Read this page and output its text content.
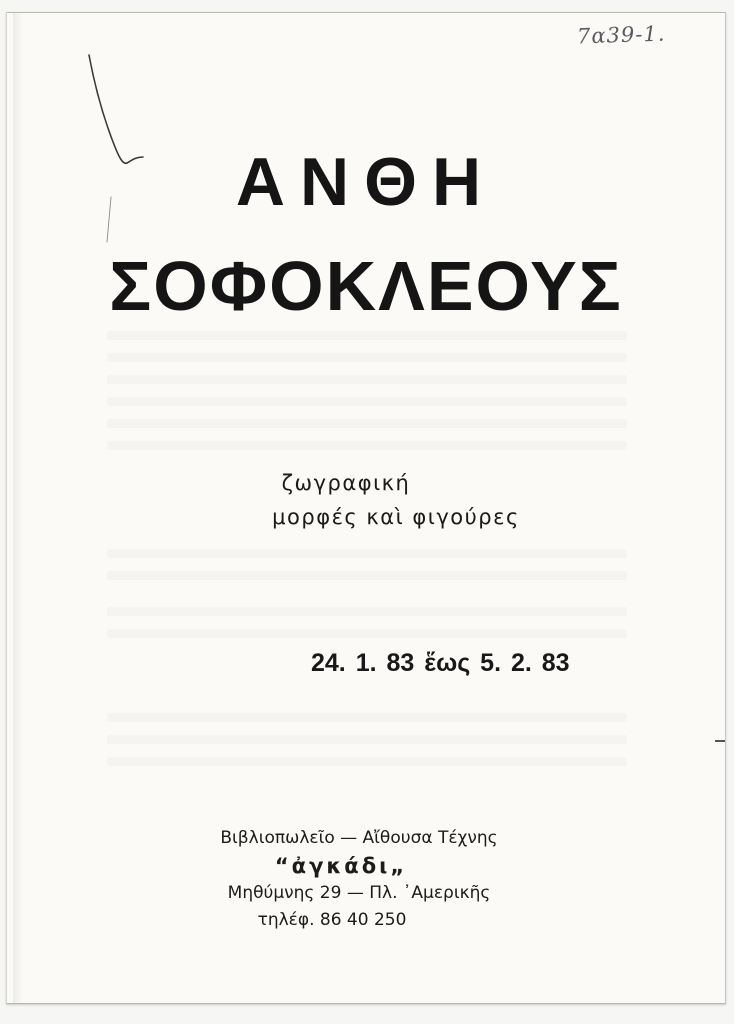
7α39-1.
ΑΝΘΗ
ΣΟΦΟΚΛΕΟΥΣ
ζωγραφική
μορφές καὶ φιγούρες
24. 1. 83 ἕως 5. 2. 83
Βιβλιοπωλεῖο — Αἴθουσα Τέχνης
“ἀγκάδι„
Μηθύμνης 29 — Πλ. ᾽Αμερικῆς
τηλέφ. 86 40 250
